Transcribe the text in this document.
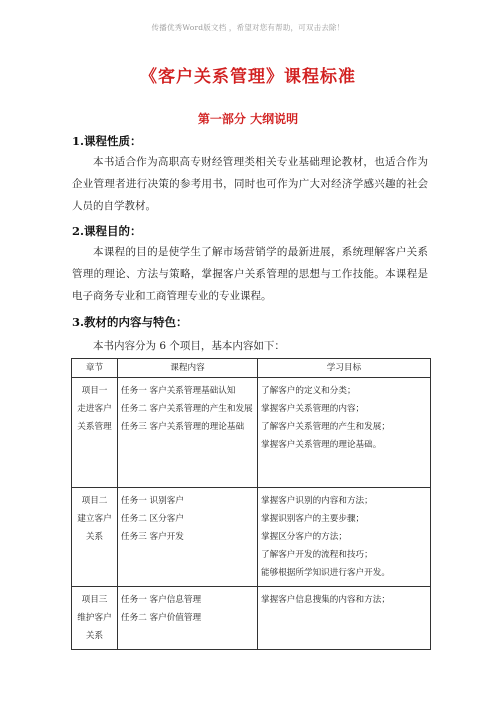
传播优秀Word版文档 ，希望对您有帮助，可双击去除！
《客户关系管理》课程标准
第一部分 大纲说明
1.课程性质：
本书适合作为高职高专财经管理类相关专业基础理论教材，也适合作为企业管理者进行决策的参考用书，同时也可作为广大对经济学感兴趣的社会人员的自学教材。
2.课程目的：
本课程的目的是使学生了解市场营销学的最新进展，系统理解客户关系管理的理论、方法与策略，掌握客户关系管理的思想与工作技能。本课程是电子商务专业和工商管理专业的专业课程。
3.教材的内容与特色：
本书内容分为 6 个项目，基本内容如下：
章节	课程内容	学习目标

项目一
走进客户
关系管理	任务一 客户关系管理基础认知
任务二 客户关系管理的产生和发展
任务三 客户关系管理的理论基础	了解客户的定义和分类；
掌握客户关系管理的内容；
了解客户关系管理的产生和发展；
掌握客户关系管理的理论基础。

项目二
建立客户
关系	任务一 识别客户
任务二 区分客户
任务三 客户开发	掌握客户识别的内容和方法；
掌握识别客户的主要步骤；
掌握区分客户的方法；
了解客户开发的流程和技巧；
能够根据所学知识进行客户开发。

项目三
维护客户
关系	任务一 客户信息管理
任务二 客户价值管理	掌握客户信息搜集的内容和方法；
